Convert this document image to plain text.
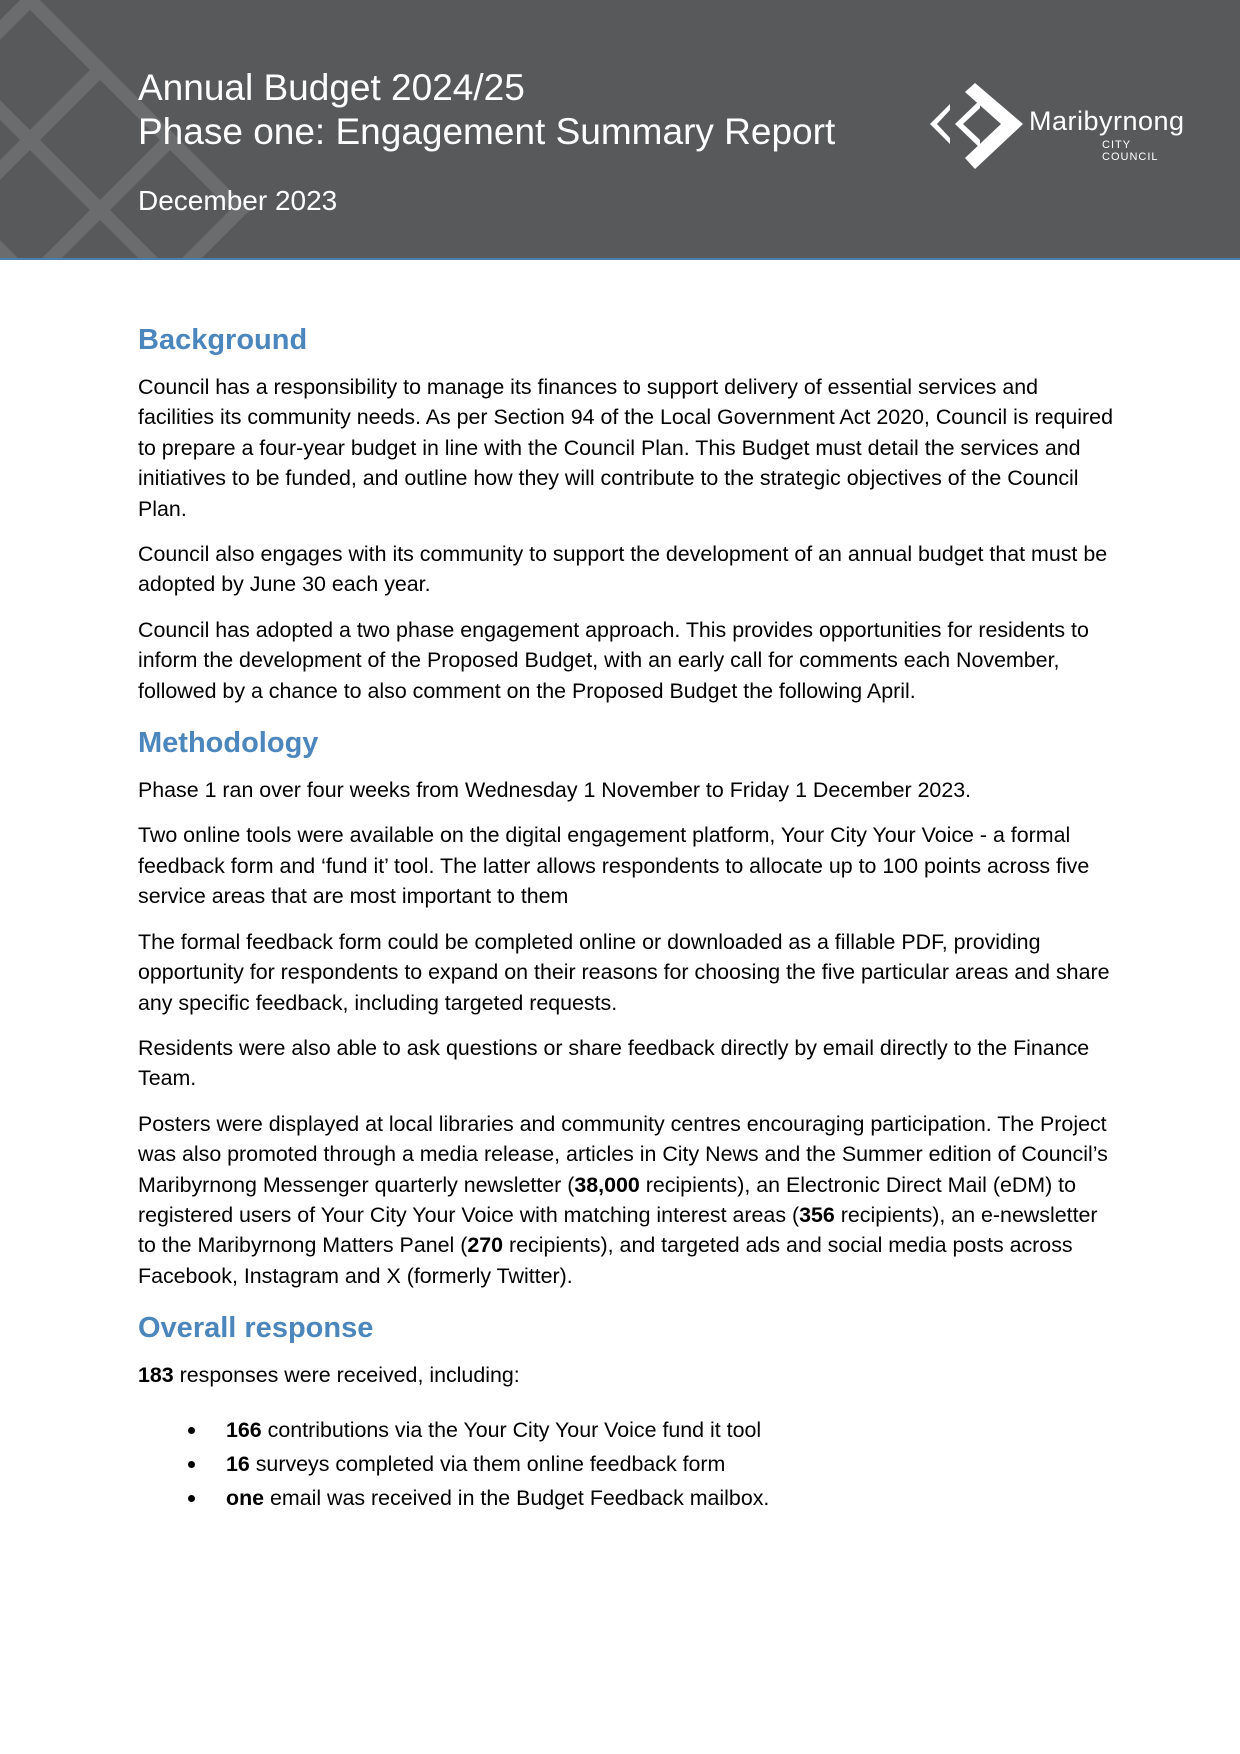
Annual Budget 2024/25
Phase one: Engagement Summary Report
December 2023
Maribyrnong
CITY COUNCIL
Background

Council has a responsibility to manage its finances to support delivery of essential services and facilities its community needs. As per Section 94 of the Local Government Act 2020, Council is required to prepare a four-year budget in line with the Council Plan. This Budget must detail the services and initiatives to be funded, and outline how they will contribute to the strategic objectives of the Council Plan.

Council also engages with its community to support the development of an annual budget that must be adopted by June 30 each year.

Council has adopted a two phase engagement approach. This provides opportunities for residents to inform the development of the Proposed Budget, with an early call for comments each November, followed by a chance to also comment on the Proposed Budget the following April.

Methodology

Phase 1 ran over four weeks from Wednesday 1 November to Friday 1 December 2023.

Two online tools were available on the digital engagement platform, Your City Your Voice - a formal feedback form and ‘fund it’ tool. The latter allows respondents to allocate up to 100 points across five service areas that are most important to them

The formal feedback form could be completed online or downloaded as a fillable PDF, providing opportunity for respondents to expand on their reasons for choosing the five particular areas and share any specific feedback, including targeted requests.

Residents were also able to ask questions or share feedback directly by email directly to the Finance Team.

Posters were displayed at local libraries and community centres encouraging participation. The Project was also promoted through a media release, articles in City News and the Summer edition of Council’s Maribyrnong Messenger quarterly newsletter (38,000 recipients), an Electronic Direct Mail (eDM) to registered users of Your City Your Voice with matching interest areas (356 recipients), an e-newsletter to the Maribyrnong Matters Panel (270 recipients), and targeted ads and social media posts across Facebook, Instagram and X (formerly Twitter).

Overall response

183 responses were received, including:

166 contributions via the Your City Your Voice fund it tool
16 surveys completed via them online feedback form
one email was received in the Budget Feedback mailbox.
